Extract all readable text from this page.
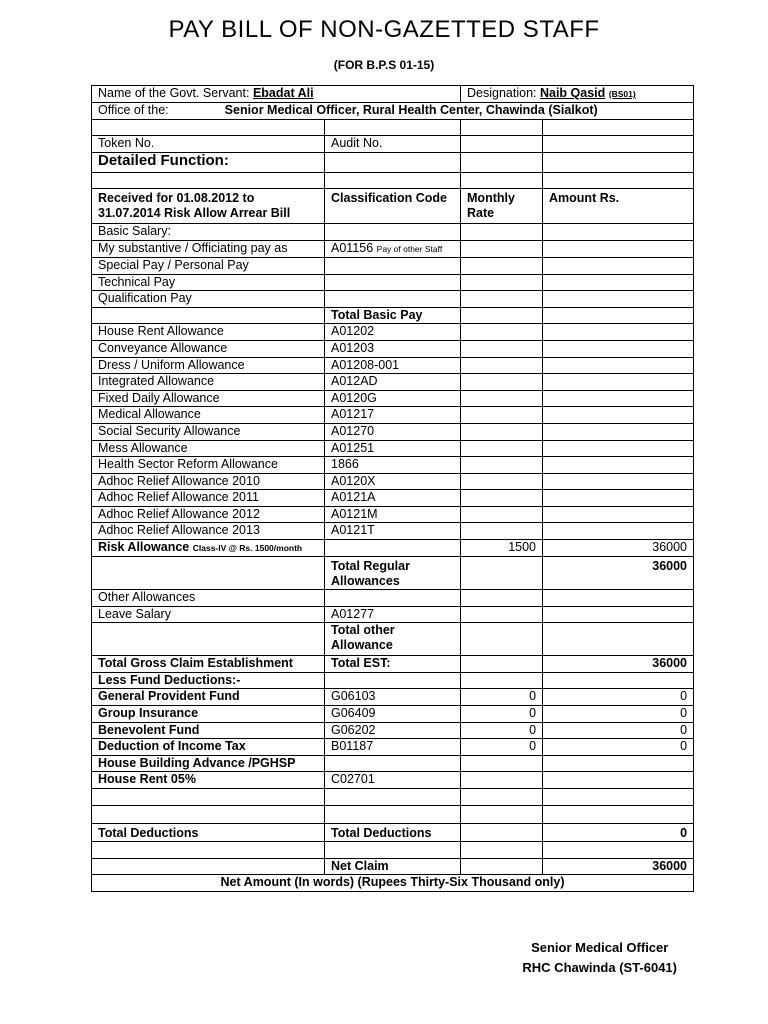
PAY BILL OF NON-GAZETTED STAFF
(FOR B.P.S 01-15)
Name of the Govt. Servant: Ebadat Ali		Designation: Naib Qasid (BS01)	
Office of the: Senior Medical Officer, Rural Health Center, Chawinda (Sialkot)			

Token No.	Audit No.		
Detailed Function:			

Received for 01.08.2012 to 31.07.2014 Risk Allow Arrear Bill	Classification Code	Monthly Rate	Amount Rs.
Basic Salary:			
My substantive / Officiating pay as	A01156 Pay of other Staff		
Special Pay / Personal Pay			
Technical Pay			
Qualification Pay			
	Total Basic Pay		
House Rent Allowance	A01202		
Conveyance Allowance	A01203		
Dress / Uniform Allowance	A01208-001		
Integrated Allowance	A012AD		
Fixed Daily Allowance	A0120G		
Medical Allowance	A01217		
Social Security Allowance	A01270		
Mess Allowance	A01251		
Health Sector Reform Allowance	1866		
Adhoc Relief Allowance 2010	A0120X		
Adhoc Relief Allowance 2011	A0121A		
Adhoc Relief Allowance 2012	A0121M		
Adhoc Relief Allowance 2013	A0121T		
Risk Allowance Class-IV @ Rs. 1500/month		1500	36000
	Total Regular Allowances		36000
Other Allowances			
Leave Salary	A01277		
	Total other Allowance		
Total Gross Claim Establishment	Total EST:		36000
Less Fund Deductions:-			
General Provident Fund	G06103	0	0
Group Insurance	G06409	0	0
Benevolent Fund	G06202	0	0
Deduction of Income Tax	B01187	0	0
House Building Advance /PGHSP			
House Rent 05%	C02701		

Total Deductions	Total Deductions		0

	Net Claim		36000
Net Amount (In words) (Rupees Thirty-Six Thousand only)			
Senior Medical Officer
RHC Chawinda (ST-6041)
